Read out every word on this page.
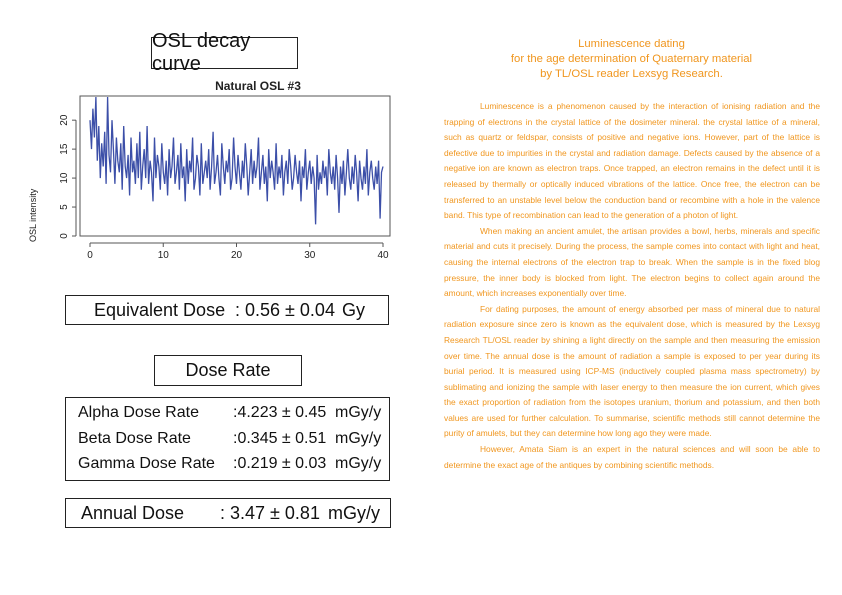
OSL decay curve
Natural OSL #3
OSL intensity
0	10	20	30	40
0
5
10
15
20
Equivalent Dose : 0.56 ± 0.04 Gy
Dose Rate
Alpha Dose Rate :4.223 ± 0.45 mGy/y
Beta Dose Rate	:0.345 ± 0.51 mGy/y
Gamma Dose Rate :0.219 ± 0.03 mGy/y
Annual Dose : 3.47 ± 0.81 mGy/y
Luminescence dating
for the age determination of Quaternary material
by TL/OSL reader Lexsyg Research.

Luminescence is a phenomenon caused by the interaction of ionising radiation and the trapping of electrons in the crystal lattice of the dosimeter mineral. the crystal lattice of a mineral, such as quartz or feldspar, consists of positive and negative ions. However, part of the lattice is defective due to impurities in the crystal and radiation damage. Defects caused by the absence of a negative ion are known as electron traps. Once trapped, an electron remains in the defect until it is released by thermally or optically induced vibrations of the lattice. Once free, the electron can be transferred to an unstable level below the conduction band or recombine with a hole in the valence band. This type of recombination can lead to the generation of a photon of light.

When making an ancient amulet, the artisan provides a bowl, herbs, minerals and specific material and cuts it precisely. During the process, the sample comes into contact with light and heat, causing the internal electrons of the electron trap to break. When the sample is in the fixed blog pressure, the inner body is blocked from light. The electron begins to collect again around the amount, which increases exponentially over time.

For dating purposes, the amount of energy absorbed per mass of mineral due to natural radiation exposure since zero is known as the equivalent dose, which is measured by the Lexsyg Research TL/OSL reader by shining a light directly on the sample and then measuring the emission over time. The annual dose is the amount of radiation a sample is exposed to per year during its burial period. It is measured using ICP-MS (inductively coupled plasma mass spectrometry) by sublimating and ionizing the sample with laser energy to then measure the ion current, which gives the exact proportion of radiation from the isotopes uranium, thorium and potassium, and then both values are used for further calculation. To summarise, scientific methods still cannot determine the purity of amulets, but they can determine how long ago they were made.

However, Amata Siam is an expert in the natural sciences and will soon be able to determine the exact age of the antiques by combining scientific methods.
